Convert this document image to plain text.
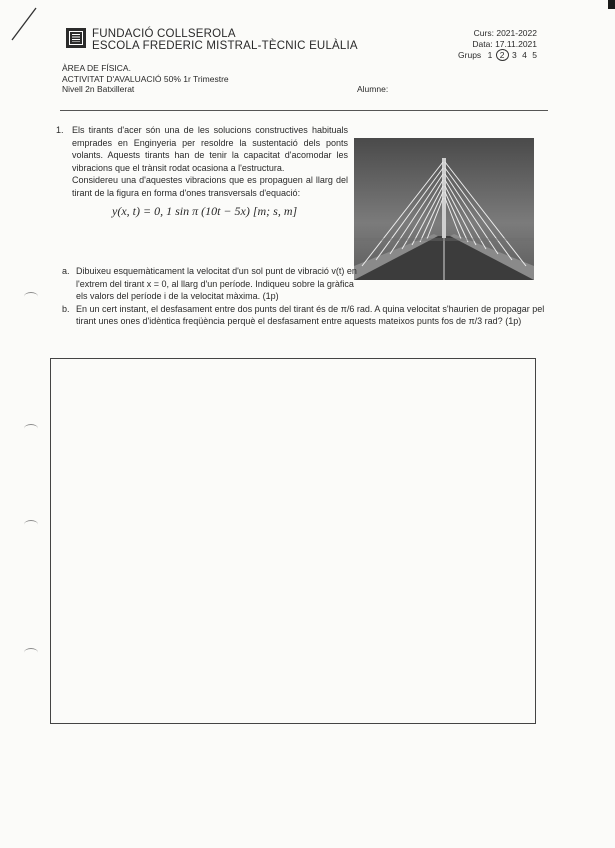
FUNDACIÓ COLLSEROLA
ESCOLA FREDERIC MISTRAL-TÈCNIC EULÀLIA
Curs: 2021-2022
Data: 17.11.2021
Grups 1 2 3 4 5
ÀREA DE FÍSICA.
ACTIVITAT D'AVALUACIÓ 50% 1r Trimestre
Nivell 2n Batxillerat	Alumne:
1. Els tirants d'acer són una de les solucions constructives habituals emprades en Enginyeria per resoldre la sustentació dels ponts volants. Aquests tirants han de tenir la capacitat d'acomodar les vibracions que el trànsit rodat ocasiona a l'estructura.

Considereu una d'aquestes vibracions que es propaguen al llarg del tirant de la figura en forma d'ones transversals d'equació:

y(x, t) = 0, 1 sin π (10t − 5x) [m; s, m]
a. Dibuixeu esquemàticament la velocitat d'un sol punt de vibració v(t) en l'extrem del tirant x = 0, al llarg d'un període. Indiqueu sobre la gràfica els valors del període i de la velocitat màxima. (1p)
b. En un cert instant, el desfasament entre dos punts del tirant és de π/6 rad. A quina velocitat s'haurien de propagar pel tirant unes ones d'idèntica freqüència perquè el desfasament entre aquests mateixos punts fos de π/3 rad? (1p)
